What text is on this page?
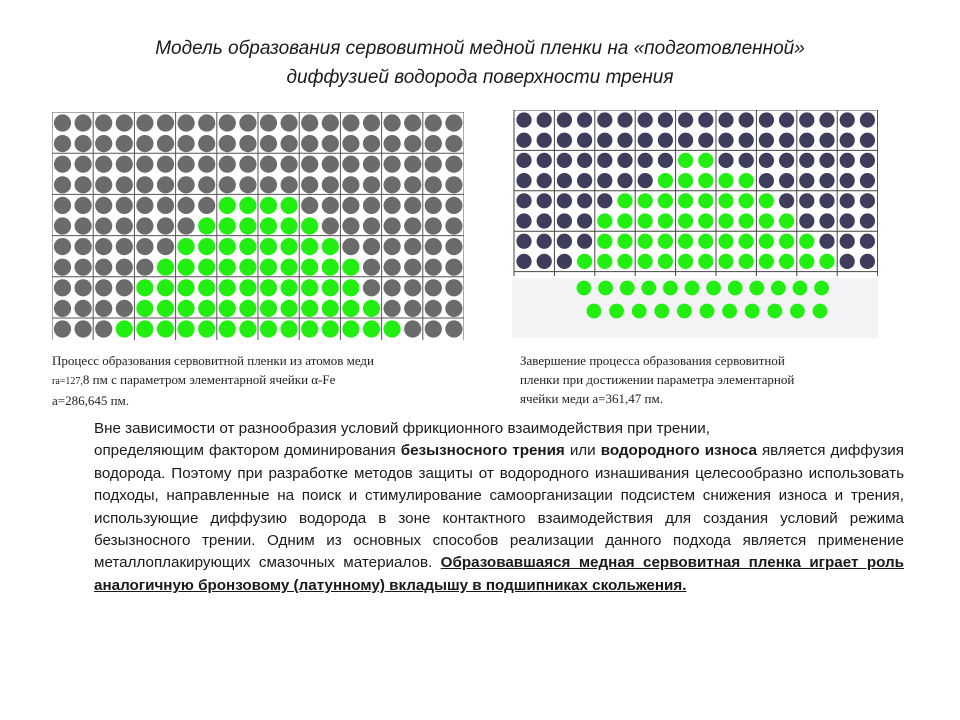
Модель образования сервовитной медной пленки на «подготовленной»
диффузией водорода поверхности трения
Процесс образования сервовитной пленки из атомов меди
ra=127,8 пм с параметром элементарной ячейки α-Fe
а=286,645 пм.
Завершение процесса образования сервовитной
пленки при достижении параметра элементарной
ячейки меди а=361,47 пм.
Вне зависимости от разнообразия условий фрикционного взаимодействия при трении,
определяющим фактором доминирования безызносного трения или водородного износа является диффузия водорода. Поэтому при разработке методов защиты от водородного изнашивания целесообразно использовать подходы, направленные на поиск и стимулирование самоорганизации подсистем снижения износа и трения, использующие диффузию водорода в зоне контактного взаимодействия для создания условий режима безызносного трении. Одним из основных способов реализации данного подхода является применение металлоплакирующих смазочных материалов. Образовавшаяся медная сервовитная пленка играет роль аналогичную бронзовому (латунному) вкладышу в подшипниках скольжения.
